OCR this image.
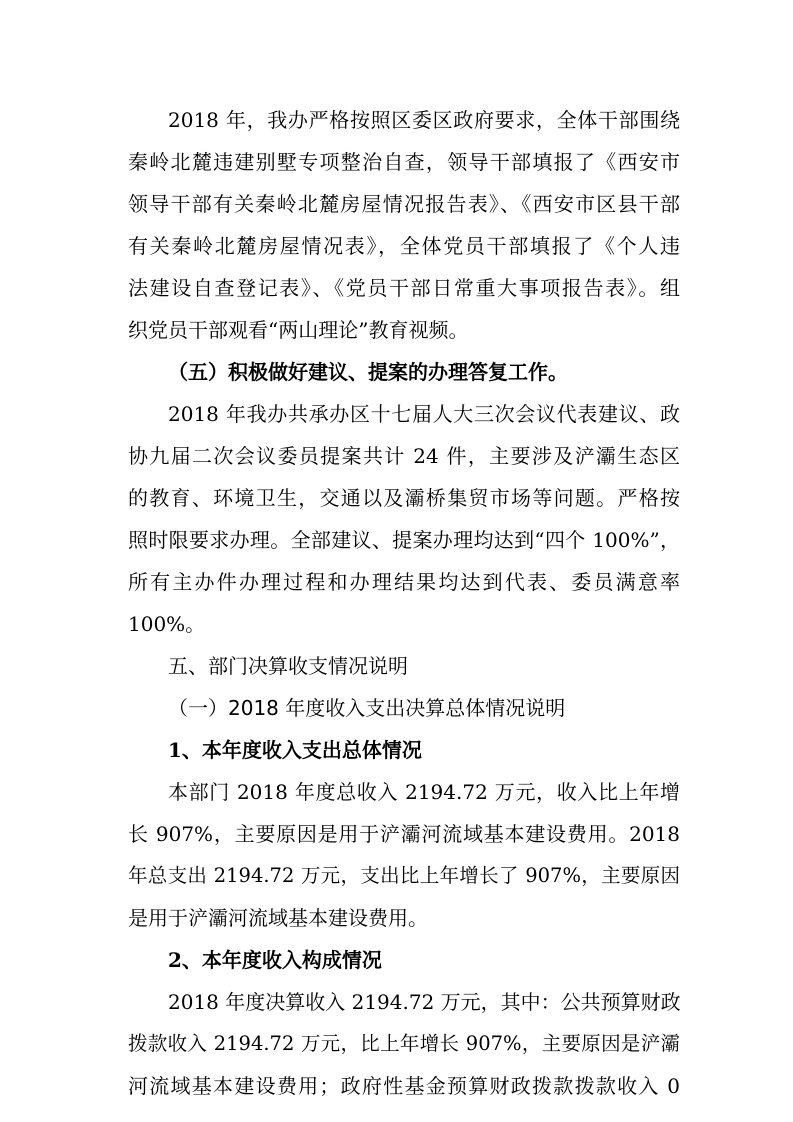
2018 年，我办严格按照区委区政府要求，全体干部围绕
秦岭北麓违建别墅专项整治自查，领导干部填报了《西安市
领导干部有关秦岭北麓房屋情况报告表》、《西安市区县干部
有关秦岭北麓房屋情况表》，全体党员干部填报了《个人违
法建设自查登记表》、《党员干部日常重大事项报告表》。组
织党员干部观看“两山理论”教育视频。
（五）积极做好建议、提案的办理答复工作。
2018 年我办共承办区十七届人大三次会议代表建议、政
协九届二次会议委员提案共计 24 件，主要涉及浐灞生态区
的教育、环境卫生，交通以及灞桥集贸市场等问题。严格按
照时限要求办理。全部建议、提案办理均达到“四个 100%”，
所有主办件办理过程和办理结果均达到代表、委员满意率
100%。
五、部门决算收支情况说明
（一）2018 年度收入支出决算总体情况说明
1、本年度收入支出总体情况
本部门 2018 年度总收入 2194.72 万元，收入比上年增
长 907%，主要原因是用于浐灞河流域基本建设费用。2018
年总支出 2194.72 万元，支出比上年增长了 907%，主要原因
是用于浐灞河流域基本建设费用。
2、本年度收入构成情况
2018 年度决算收入 2194.72 万元，其中：公共预算财政
拨款收入 2194.72 万元，比上年增长 907%，主要原因是浐灞
河流域基本建设费用；政府性基金预算财政拨款拨款收入 0
